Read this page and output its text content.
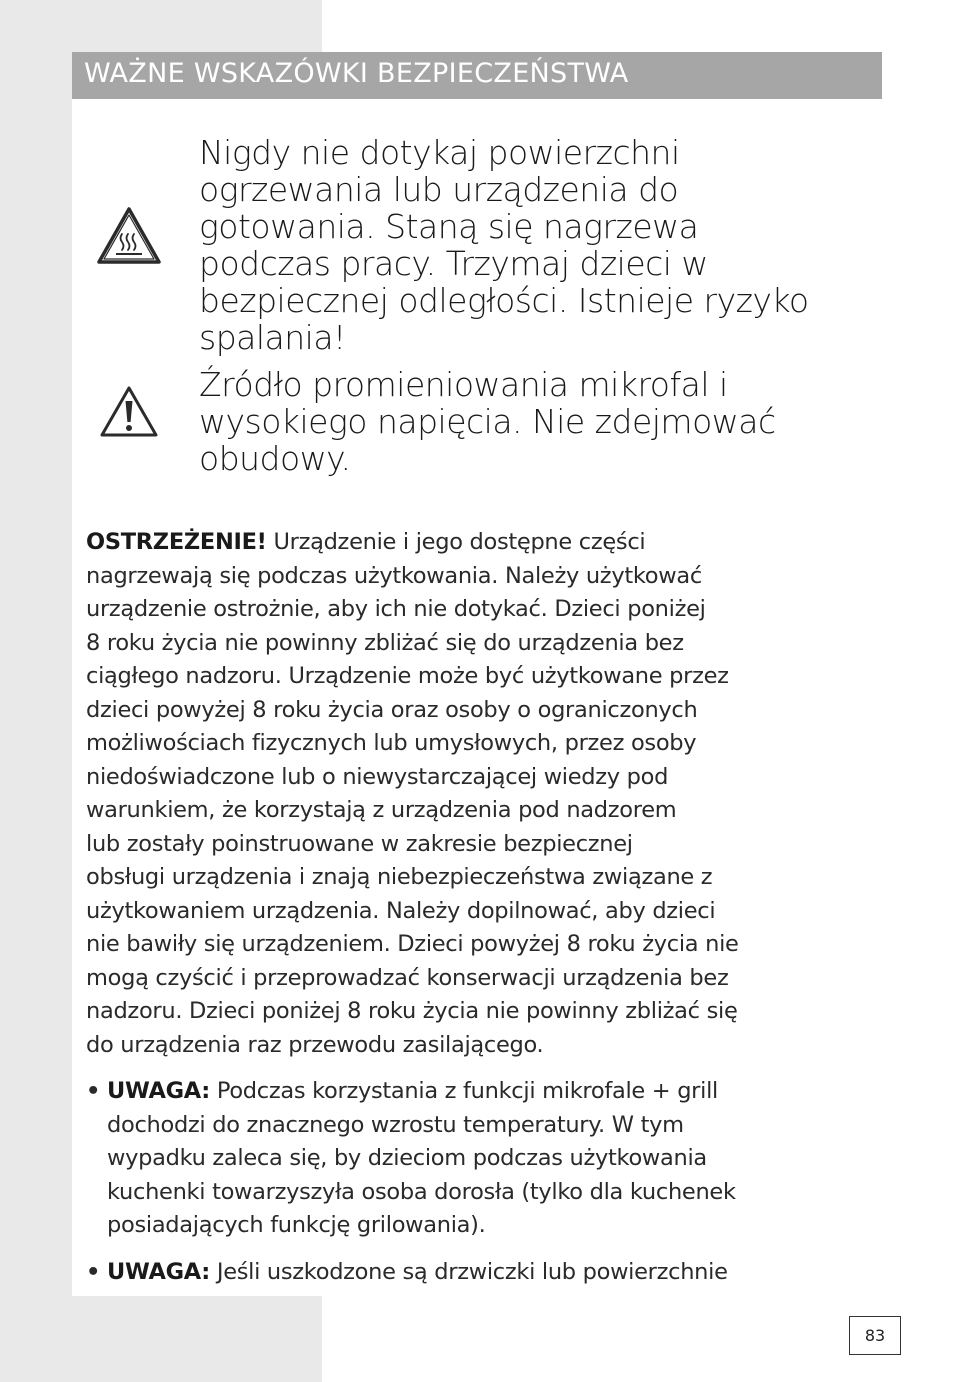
WAŻNE WSKAZÓWKI BEZPIECZEŃSTWA
Nigdy nie dotykaj powierzchni
ogrzewania lub urządzenia do
gotowania. Staną się nagrzewa
podczas pracy. Trzymaj dzieci w
bezpiecznej odległości. Istnieje ryzyko
spalania!
Źródło promieniowania mikrofal i
wysokiego napięcia. Nie zdejmować
obudowy.

OSTRZEŻENIE! Urządzenie i jego dostępne części
nagrzewają się podczas użytkowania. Należy użytkować
urządzenie ostrożnie, aby ich nie dotykać. Dzieci poniżej
8 roku życia nie powinny zbliżać się do urządzenia bez
ciągłego nadzoru. Urządzenie może być użytkowane przez
dzieci powyżej 8 roku życia oraz osoby o ograniczonych
możliwościach fizycznych lub umysłowych, przez osoby
niedoświadczone lub o niewystarczającej wiedzy pod
warunkiem, że korzystają z urządzenia pod nadzorem
lub zostały poinstruowane w zakresie bezpiecznej
obsługi urządzenia i znają niebezpieczeństwa związane z
użytkowaniem urządzenia. Należy dopilnować, aby dzieci
nie bawiły się urządzeniem. Dzieci powyżej 8 roku życia nie
mogą czyścić i przeprowadzać konserwacji urządzenia bez
nadzoru. Dzieci poniżej 8 roku życia nie powinny zbliżać się
do urządzenia raz przewodu zasilającego.

• UWAGA: Podczas korzystania z funkcji mikrofale + grill
dochodzi do znacznego wzrostu temperatury. W tym
wypadku zaleca się, by dzieciom podczas użytkowania
kuchenki towarzyszyła osoba dorosła (tylko dla kuchenek
posiadających funkcję grilowania).

• UWAGA: Jeśli uszkodzone są drzwiczki lub powierzchnie

83
